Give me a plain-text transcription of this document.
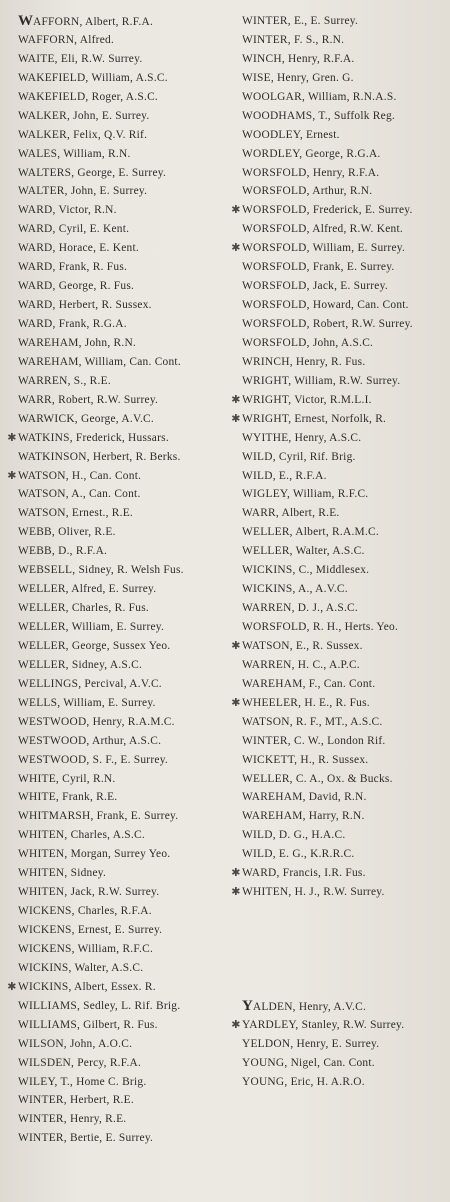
WAFFORN, Albert, R.F.A.
WAFFORN, Alfred.
WAITE, Eli, R.W. Surrey.
WAKEFIELD, William, A.S.C.
WAKEFIELD, Roger, A.S.C.
WALKER, John, E. Surrey.
WALKER, Felix, Q.V. Rif.
WALES, William, R.N.
WALTERS, George, E. Surrey.
WALTER, John, E. Surrey.
WARD, Victor, R.N.
WARD, Cyril, E. Kent.
WARD, Horace, E. Kent.
WARD, Frank, R. Fus.
WARD, George, R. Fus.
WARD, Herbert, R. Sussex.
WARD, Frank, R.G.A.
WAREHAM, John, R.N.
WAREHAM, William, Can. Cont.
WARREN, S., R.E.
WARR, Robert, R.W. Surrey.
WARWICK, George, A.V.C.
✱ WATKINS, Frederick, Hussars.
WATKINSON, Herbert, R. Berks.
✱ WATSON, H., Can. Cont.
WATSON, A., Can. Cont.
WATSON, Ernest., R.E.
WEBB, Oliver, R.E.
WEBB, D., R.F.A.
WEBSELL, Sidney, R. Welsh Fus.
WELLER, Alfred, E. Surrey.
WELLER, Charles, R. Fus.
WELLER, William, E. Surrey.
WELLER, George, Sussex Yeo.
WELLER, Sidney, A.S.C.
WELLINGS, Percival, A.V.C.
WELLS, William, E. Surrey.
WESTWOOD, Henry, R.A.M.C.
WESTWOOD, Arthur, A.S.C.
WESTWOOD, S. F., E. Surrey.
WHITE, Cyril, R.N.
WHITE, Frank, R.E.
WHITMARSH, Frank, E. Surrey.
WHITEN, Charles, A.S.C.
WHITEN, Morgan, Surrey Yeo.
WHITEN, Sidney.
WHITEN, Jack, R.W. Surrey.
WICKENS, Charles, R.F.A.
WICKENS, Ernest, E. Surrey.
WICKENS, William, R.F.C.
WICKINS, Walter, A.S.C.
✱ WICKINS, Albert, Essex. R.
WILLIAMS, Sedley, L. Rif. Brig.
WILLIAMS, Gilbert, R. Fus.
WILSON, John, A.O.C.
WILSDEN, Percy, R.F.A.
WILEY, T., Home C. Brig.
WINTER, Herbert, R.E.
WINTER, Henry, R.E.
WINTER, Bertie, E. Surrey.
WINTER, E., E. Surrey.
WINTER, F. S., R.N.
WINCH, Henry, R.F.A.
WISE, Henry, Gren. G.
WOOLGAR, William, R.N.A.S.
WOODHAMS, T., Suffolk Reg.
WOODLEY, Ernest.
WORDLEY, George, R.G.A.
WORSFOLD, Henry, R.F.A.
WORSFOLD, Arthur, R.N.
✱ WORSFOLD, Frederick, E. Surrey.
WORSFOLD, Alfred, R.W. Kent.
✱ WORSFOLD, William, E. Surrey.
WORSFOLD, Frank, E. Surrey.
WORSFOLD, Jack, E. Surrey.
WORSFOLD, Howard, Can. Cont.
WORSFOLD, Robert, R.W. Surrey.
WORSFOLD, John, A.S.C.
WRINCH, Henry, R. Fus.
WRIGHT, William, R.W. Surrey.
✱ WRIGHT, Victor, R.M.L.I.
✱ WRIGHT, Ernest, Norfolk, R.
WYITHE, Henry, A.S.C.
WILD, Cyril, Rif. Brig.
WILD, E., R.F.A.
WIGLEY, William, R.F.C.
WARR, Albert, R.E.
WELLER, Albert, R.A.M.C.
WELLER, Walter, A.S.C.
WICKINS, C., Middlesex.
WICKINS, A., A.V.C.
WARREN, D. J., A.S.C.
WORSFOLD, R. H., Herts. Yeo.
✱ WATSON, E., R. Sussex.
WARREN, H. C., A.P.C.
WAREHAM, F., Can. Cont.
✱ WHEELER, H. E., R. Fus.
WATSON, R. F., MT., A.S.C.
WINTER, C. W., London Rif.
WICKETT, H., R. Sussex.
WELLER, C. A., Ox. & Bucks.
WAREHAM, David, R.N.
WAREHAM, Harry, R.N.
WILD, D. G., H.A.C.
WILD, E. G., K.R.R.C.
✱ WARD, Francis, I.R. Fus.
✱ WHITEN, H. J., R.W. Surrey.
YALDEN, Henry, A.V.C.
✱ YARDLEY, Stanley, R.W. Surrey.
YELDON, Henry, E. Surrey.
YOUNG, Nigel, Can. Cont.
YOUNG, Eric, H. A.R.O.
